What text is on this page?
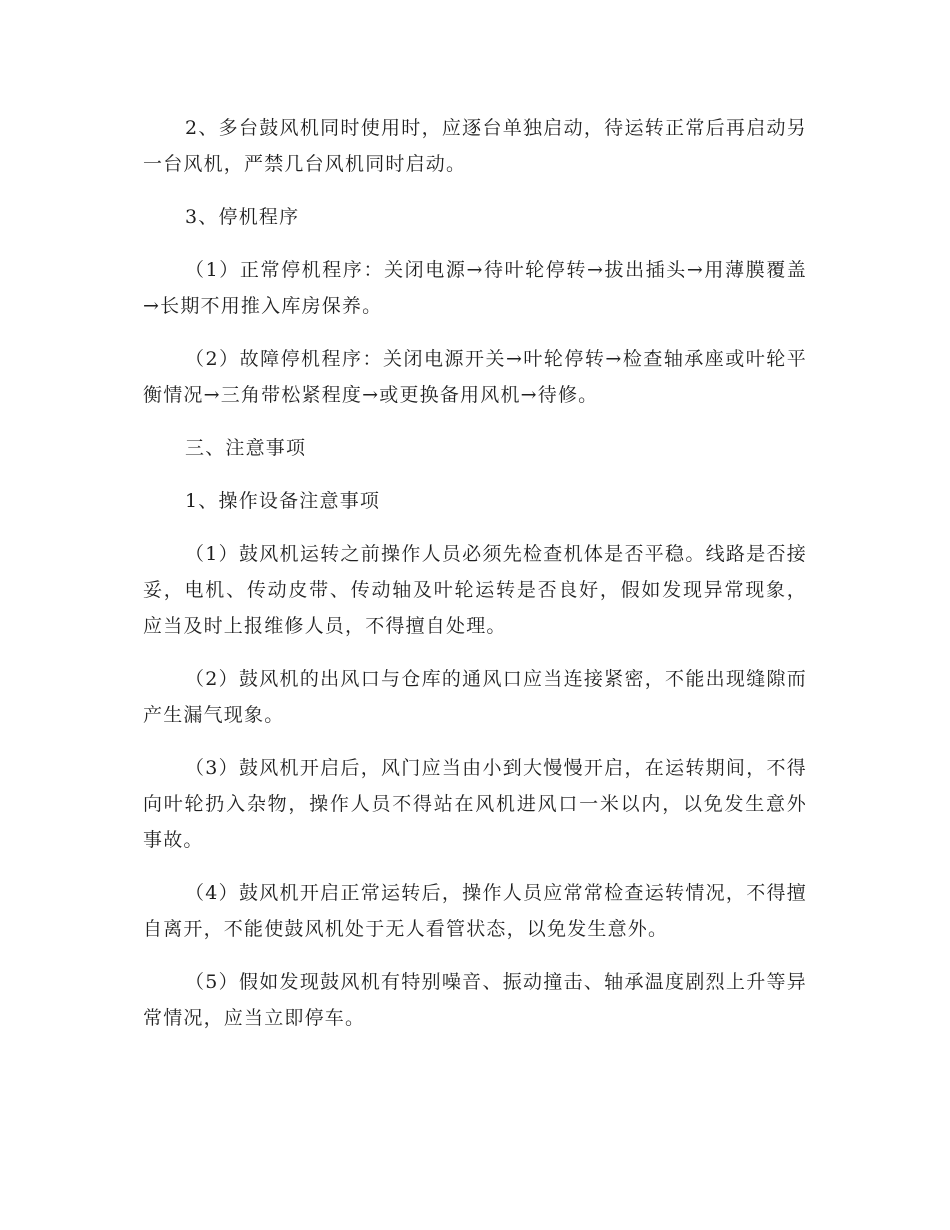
2、多台鼓风机同时使用时，应逐台单独启动，待运转正常后再启动另一台风机，严禁几台风机同时启动。

3、停机程序

（1）正常停机程序：关闭电源→待叶轮停转→拔出插头→用薄膜覆盖→长期不用推入库房保养。

（2）故障停机程序：关闭电源开关→叶轮停转→检查轴承座或叶轮平衡情况→三角带松紧程度→或更换备用风机→待修。

三、注意事项

1、操作设备注意事项

（1）鼓风机运转之前操作人员必须先检查机体是否平稳。线路是否接妥，电机、传动皮带、传动轴及叶轮运转是否良好，假如发现异常现象，应当及时上报维修人员，不得擅自处理。

（2）鼓风机的出风口与仓库的通风口应当连接紧密，不能出现缝隙而产生漏气现象。

（3）鼓风机开启后，风门应当由小到大慢慢开启，在运转期间，不得向叶轮扔入杂物，操作人员不得站在风机进风口一米以内，以免发生意外事故。

（4）鼓风机开启正常运转后，操作人员应常常检查运转情况，不得擅自离开，不能使鼓风机处于无人看管状态，以免发生意外。

（5）假如发现鼓风机有特别噪音、振动撞击、轴承温度剧烈上升等异常情况，应当立即停车。
